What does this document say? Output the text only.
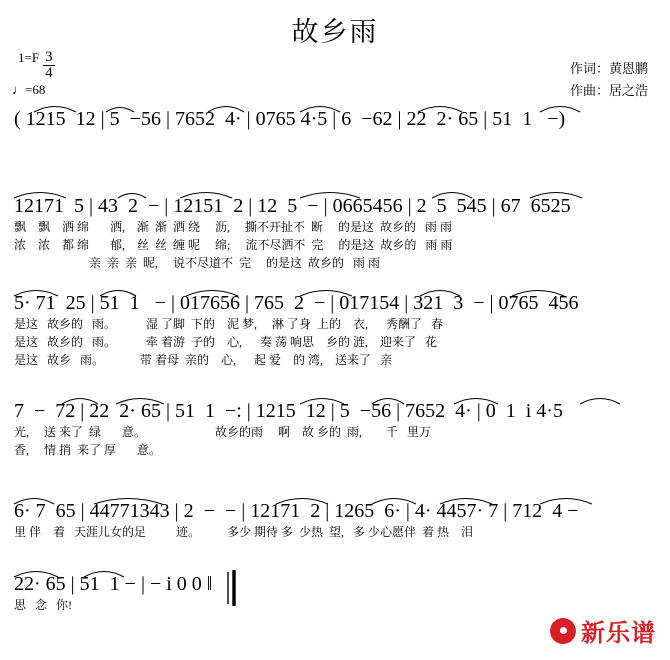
故乡雨
$1=F \frac{3}{4}$
♩=68
作词：黄恩鹏
作曲：居之浩
( 1215  12 | 5  −56 | 7652  4· | 0765 4·5 | 6  −62 | 22  2· 65 | 51  1   −)
12171  5 | 43  2  − | 12151  2 | 12  5  − | 0665456 | 2  5  545 | 67  6525
飘    飘    洒 绵       洒,    渐  渐  洒 绕     沥,     撕不开扯不  断     的是这  故乡的   雨 雨
浓    浓    都 绵       郁,    丝  丝  缠 呢     绵;     流不尽洒不  完     的是这  故乡的   雨 雨
亲  亲  亲  昵,     说不尽道不  完     的是这  故乡的   雨 雨
5· 71  25 | 51  1   − | 017656 | 765  2  − | 017154 | 321  3  − | 0765  456
是这   故乡的   雨。          湿 了脚  下的    泥 梦,     淋 了身  上的    衣,      秀酬了   春
是这   故乡的   雨。          牵 着游  子的    心,      奏 荡 响思    乡的 涟,    迎来了   花
是这   故乡   雨。            带 着母  亲的    心,      起 爱    的 湾,    送来了   亲
7  −  72 | 22  2· 65 | 51  1  −: | 1215  12 | 5  −56 | 7652  4· | 0  1  i 4·5
光,     送 来了  绿       意。                       故乡的雨     啊    故 乡的  雨,        千   里万
香,     情 捎  来了 厚       意。
6· 7  65 | 44771343 | 2  −  − | 12171  2 | 1265  6· | 4· 4457· 7 | 712  4 −
里 伴    着   天涯儿女的足          迹。         多少 期待 多  少热  望,   多 少心愿伴  着 热    泪
22· 65 | 51  1 − | − i 0 0 ‖
思   念   你!
新乐谱
